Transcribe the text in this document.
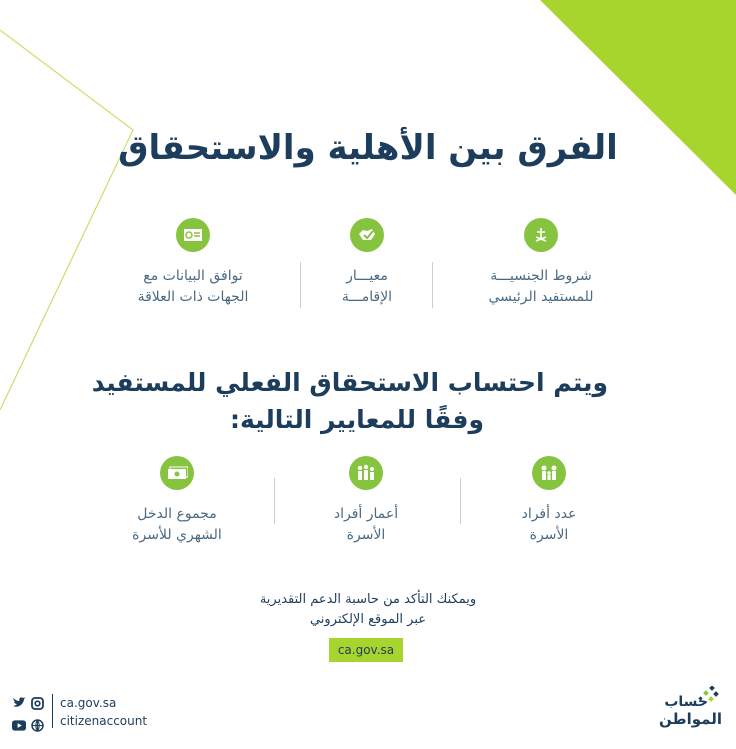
الفرق بين الأهلية والاستحقاق
شروط الجنسيـــة
للمستفيد الرئيسي
معيـــار
الإقامـــة
توافق البيانات مع
الجهات ذات العلاقة
ويتم احتساب الاستحقاق الفعلي للمستفيد
وفقًا للمعايير التالية:
عدد أفراد
الأسرة
أعمار أفراد
الأسرة
مجموع الدخل
الشهري للأسرة
ويمكنك التأكد من حاسبة الدعم التقديرية
عبر الموقع الإلكتروني
ca.gov.sa
ca.gov.sa
citizenaccount
حساب
المواطن
